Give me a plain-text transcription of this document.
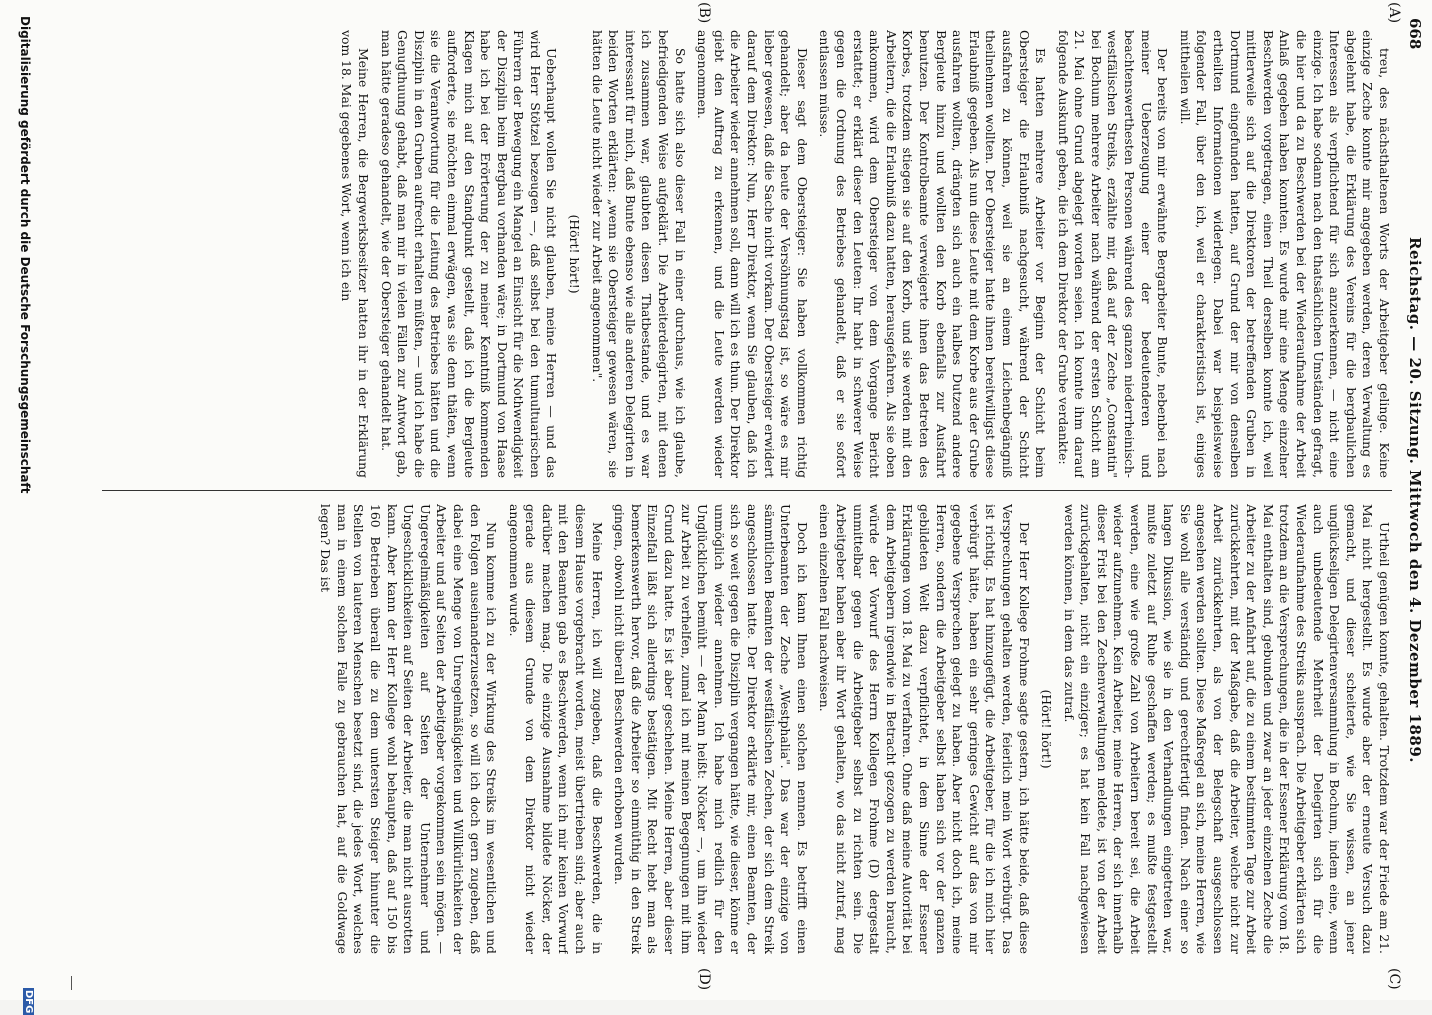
668
Reichstag. — 20. Sitzung. Mittwoch den 4. Dezember 1889.
(A)
(B)
(C)
(D)

treu, des nächsthaltenen Worts der Arbeitgeber gelinge. Keine einzige Zeche konnte mir angegeben werden, deren Verwaltung es abgelehnt habe, die Erklärung des Vereins für die bergbaulichen Interessen als verpflichtend für sich anzuerkennen, — nicht eine einzige. Ich habe sodann nach den thatsächlichen Umständen gefragt, die hier und da zu Beschwerden bei der Wiederaufnahme der Arbeit Anlaß gegeben haben konnten. Es wurde mir eine Menge einzelner Beschwerden vorgetragen, einen Theil derselben konnte ich, weil mittlerweile sich auf die Direktoren der betreffenden Gruben in Dortmund eingefunden hatten, auf Grund der mir von denselben ertheilten Informationen widerlegen. Dabei war beispielsweise folgender Fall, über den ich, weil er charakteristisch ist, einiges mittheilen will.

Der bereits von mir erwähnte Bergarbeiter Bunte, nebenbei nach meiner Ueberzeugung einer der bedeutenderen und beachtenswerthesten Personen während des ganzen niederrheinisch-westfälischen Streiks, erzählte mir, daß auf der Zeche „Constantin" bei Bochum mehrere Arbeiter nach während der ersten Schicht am 21. Mai ohne Grund abgelegt worden seien. Ich konnte ihm darauf folgende Auskunft geben, die ich dem Direktor der Grube verdankte:

Es hatten mehrere Arbeiter vor Beginn der Schicht beim Obersteiger die Erlaubniß nachgesucht, während der Schicht ausfahren zu können, weil sie an einem Leichenbegängniß theilnehmen wollten. Der Obersteiger hatte ihnen bereitwilligst diese Erlaubniß gegeben. Als nun diese Leute mit dem Korbe aus der Grube ausfahren wollten, drängten sich auch ein halbes Dutzend andere Bergleute hinzu und wollten den Korb ebenfalls zur Ausfahrt benutzen. Der Kontrolbeamte verweigerte ihnen das Betreten des Korbes, trotzdem stiegen sie auf den Korb, und sie werden mit den Arbeitern, die die Erlaubniß dazu hatten, herausgefahren. Als sie oben ankommen, wird dem Obersteiger von dem Vorgange Bericht erstattet; er erklärt dieser den Leuten: Ihr habt in schwerer Weise gegen die Ordnung des Betriebes gehandelt, daß er sie sofort entlassen müsse.

Dieser sagt dem Obersteiger: Sie haben vollkommen richtig gehandelt; aber da heute der Versöhnungstag ist, so wäre es mir lieber gewesen, daß die Sache nicht vorkam. Der Obersteiger erwidert darauf dem Direktor: Nun, Herr Direktor, wenn Sie glauben, daß ich die Arbeiter wieder annehmen soll, dann will ich es thun. Der Direktor giebt den Auftrag zu erkennen, und die Leute werden wieder angenommen.

So hatte sich also dieser Fall in einer durchaus, wie ich glaube, befriedigenden Weise aufgeklärt. Die Arbeiterdelegirten, mit denen ich zusammen war, glaubten diesen Thatbestande, und es war interessant für mich, daß Bunte ebenso wie alle anderen Delegirten in beiden Worten erklärten: „wenn sie Obersteiger gewesen wären, sie hätten die Leute nicht wieder zur Arbeit angenommen".

(Hört! hört!)

Ueberhaupt wollen Sie nicht glauben, meine Herren — und das wird Herr Stötzel bezeugen —, daß selbst bei den tumultuarischen Führern der Bewegung ein Mangel an Einsicht für die Nothwendigkeit der Disziplin beim Bergbau vorhanden wäre; in Dortmund von Haase habe ich bei der Erörterung der zu meiner Kenntniß kommenden Klagen mich auf den Standpunkt gestellt, daß ich die Bergleute aufforderte, sie möchten einmal erwägen, was sie denn thäten, wenn sie die Verantwortung für die Leitung des Betriebes hätten und die Disziplin in den Gruben aufrecht erhalten müßten, — und ich habe die Genugthuung gehabt, daß man mir in vielen Fällen zur Antwort gab, man hätte geradeso gehandelt, wie der Obersteiger gehandelt hat.

Meine Herren, die Bergwerksbesitzer hatten ihr in der Erklärung vom 18. Mai gegebenes Wort, wenn ich ein

Urtheil genügen konnte, gehalten. Trotzdem war der Friede am 21. Mai nicht hergestellt. Es wurde aber der erneute Versuch dazu gemacht, und dieser scheiterte, wie Sie wissen, an jener unglückseligen Delegirtenversammlung in Bochum, indem eine, wenn auch unbedeutende Mehrheit der Delegirten sich für die Wiederaufnahme des Streiks aussprach. Die Arbeitgeber erklärten sich trotzdem an die Versprechungen, die in der Essener Erklärung vom 18. Mai enthalten sind, gebunden und zwar an jeder einzelnen Zeche die Arbeiter zu der Anfahrt auf, die zu einem bestimmten Tage zur Arbeit zurückkehrten, mit der Maßgabe, daß die Arbeiter, welche nicht zur Arbeit zurückkehrten, als von der Belegschaft ausgeschlossen angesehen werden sollten. Diese Maßregel an sich, meine Herren, wie Sie wohl alle verständig und gerechtfertigt finden. Nach einer so langen Dikussion, wie sie in den Verhandlungen eingetreten war, mußte zuletzt auf Ruhe geschaffen werden; es mußte festgestellt werden, eine wie große Zahl von Arbeitern bereit sei, die Arbeit wieder aufzunehmen. Kein Arbeiter, meine Herren, der sich innerhalb dieser Frist bei den Zechenverwaltungen meldete, ist von der Arbeit zurückgehalten, nicht ein einziger; es hat kein Fall nachgewiesen werden können, in dem das zutraf.

(Hört! hört!)

Der Herr Kollege Frohme sagte gestern, ich hätte beide, daß diese Versprechungen gehalten werden, feierlich mein Wort verbürgt. Das ist richtig. Es hat hinzugefügt, die Arbeitgeber, für die ich mich hier verbürgt hätte, haben ein sehr geringes Gewicht auf das von mir gegebene Versprechen gelegt zu haben. Aber nicht doch ich, meine Herren, sondern die Arbeitgeber selbst haben sich vor der ganzen gebildeten Welt dazu verpflichtet, in dem Sinne der Essener Erklärungen vom 18. Mai zu verfahren. Ohne daß meine Autorität bei dem Arbeitgebern irgendwie in Betracht gezogen zu werden braucht, würde der Vorwurf des Herrn Kollegen Frohme (D) dergestalt unmittelbar gegen die Arbeitgeber selbst zu richten sein. Die Arbeitgeber haben aber ihr Wort gehalten, wo das nicht zutraf, mag einen einzelnen Fall nachweisen.

Doch ich kann Ihnen einen solchen nennen. Es betrifft einen Unterbeamten der Zeche „Westphalia". Das war der einzige von sämmtlichen Beamten der westfälischen Zechen, der sich dem Streik angeschlossen hatte. Der Direktor erklärte mir, einen Beamten, der sich so weit gegen die Disziplin vergangen hätte, wie dieser, könne er unmöglich wieder annehmen. Ich habe mich redlich für den Unglücklichen bemüht — der Mann heißt: Nöcker —, um ihn wieder zur Arbeit zu verhelfen, zumal ich mit meinen Begegnungen mit ihm Grund dazu hatte. Es ist aber geschehen. Meine Herren, aber dieser Einzelfall läßt sich allerdings bestätigen. Mit Recht hebt man als bemerkenswerth hervor, daß die Arbeiter so einmüthig in den Streik gingen, obwohl nicht überall Beschwerden erhoben wurden.

Meine Herren, ich will zugeben, daß die Beschwerden, die in diesem Hause vorgebracht worden, meist übertrieben sind; aber auch mit den Beamten gab es Beschwerden, wenn ich mir keinen Vorwurf darüber machen mag. Die einzige Ausnahme bildete Nöcker, der gerade aus diesem Grunde von dem Direktor nicht wieder angenommen wurde.

Nun komme ich zu der Wirkung des Streiks im wesentlichen und den Folgen auseinanderzusetzen, so will ich doch gern zugeben, daß dabei eine Menge von Unregelmäßigkeiten und Willkürlichkeiten der Arbeiter und auf Seiten der Arbeitgeber vorgekommen sein mögen. — Ungeregelmäßigkeiten auf Seiten der Unternehmer und Ungeschicklichkeiten auf Seiten der Arbeiter, die man nicht ausrotten kann. Aber kann der Herr Kollege wohl behaupten, daß auf 150 bis 160 Betrieben überall die zu dem untersten Steiger hinunter die Stellen von lauteren Menschen besetzt sind, die jedes Wort, welches man in einem solchen Falle zu gebrauchen hat, auf die Goldwage legen? Das ist

Digitalisierung gefördert durch die Deutsche Forschungsgemeinschaft
DFG
